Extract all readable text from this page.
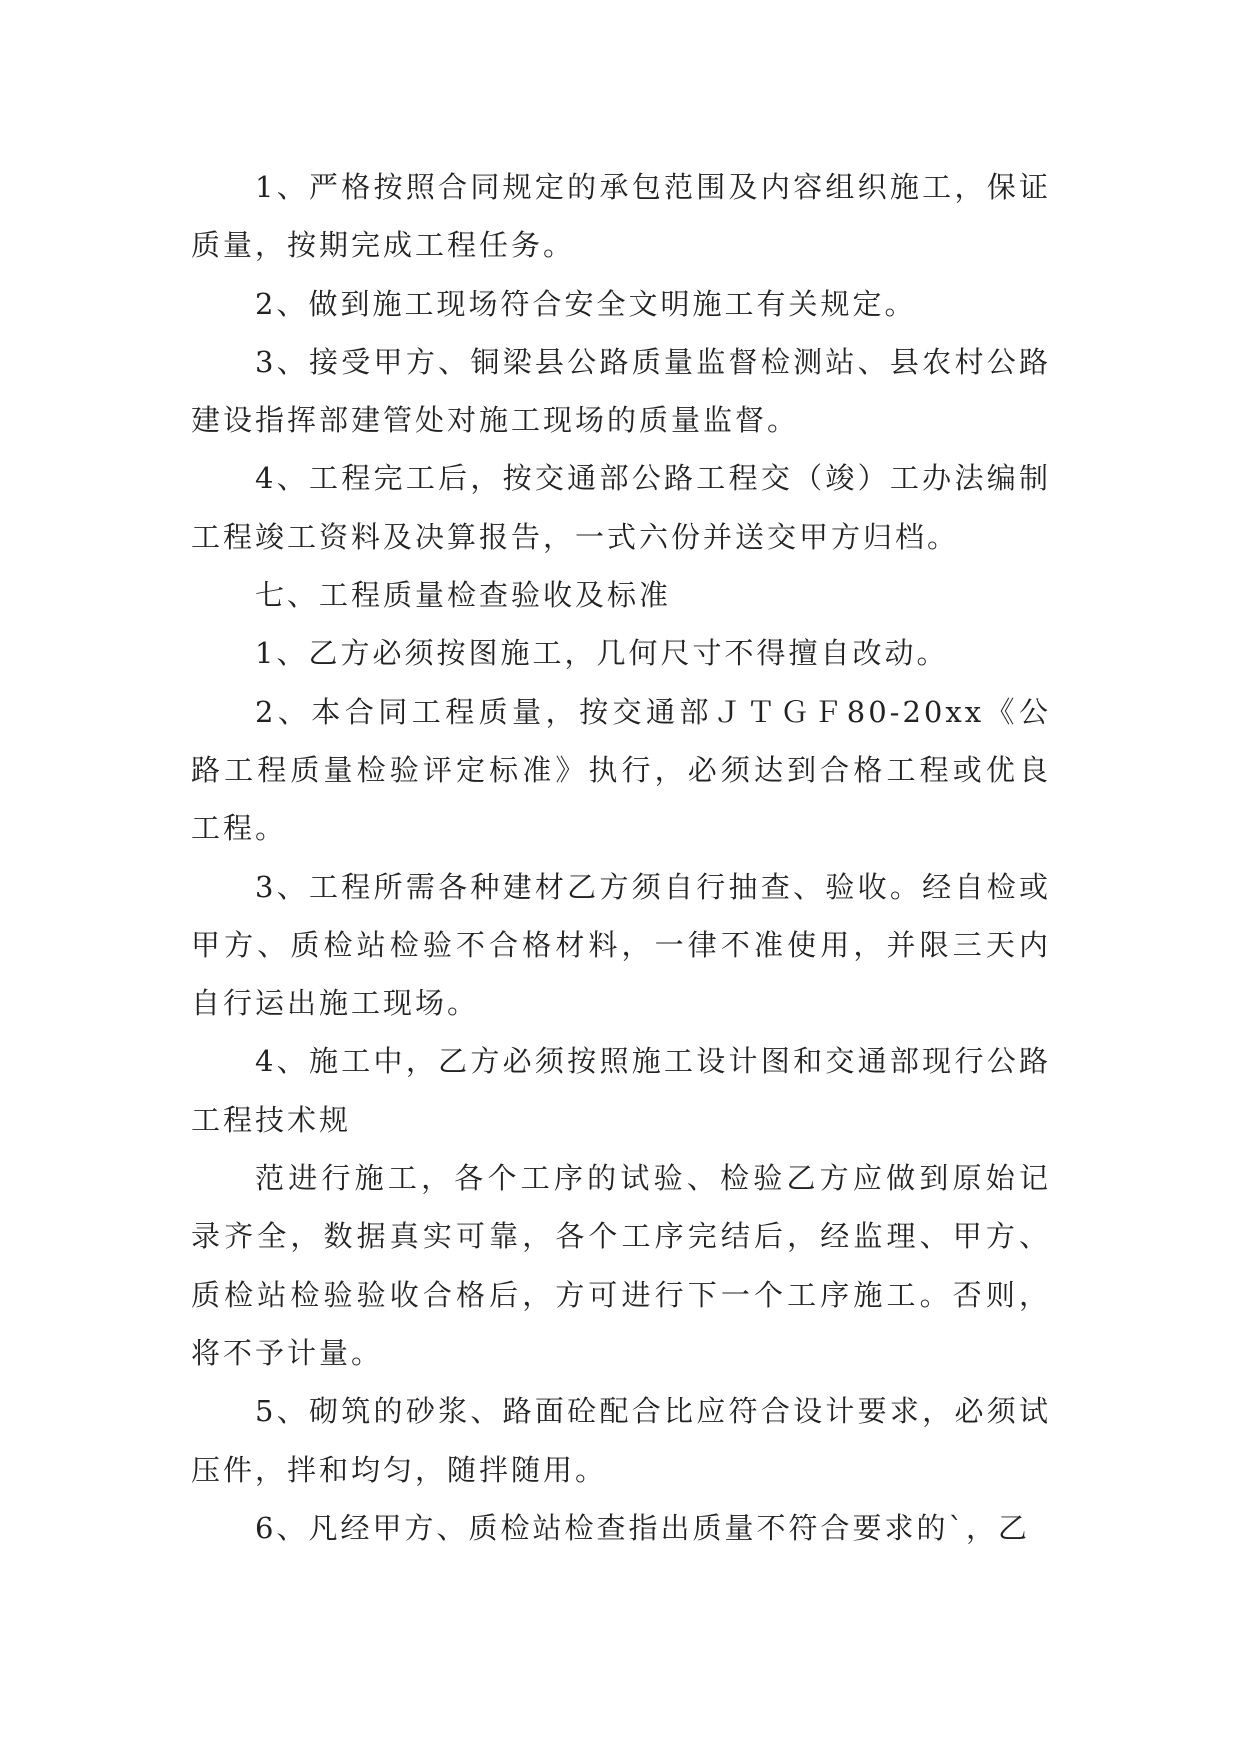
1、严格按照合同规定的承包范围及内容组织施工，保证质量，按期完成工程任务。

2、做到施工现场符合安全文明施工有关规定。

3、接受甲方、铜梁县公路质量监督检测站、县农村公路建设指挥部建管处对施工现场的质量监督。

4、工程完工后，按交通部公路工程交（竣）工办法编制工程竣工资料及决算报告，一式六份并送交甲方归档。

七、工程质量检查验收及标准

1、乙方必须按图施工，几何尺寸不得擅自改动。

2、本合同工程质量，按交通部ＪＴＧＦ80-20xx《公路工程质量检验评定标准》执行，必须达到合格工程或优良工程。

3、工程所需各种建材乙方须自行抽查、验收。经自检或甲方、质检站检验不合格材料，一律不准使用，并限三天内自行运出施工现场。

4、施工中，乙方必须按照施工设计图和交通部现行公路工程技术规

范进行施工，各个工序的试验、检验乙方应做到原始记录齐全，数据真实可靠，各个工序完结后，经监理、甲方、质检站检验验收合格后，方可进行下一个工序施工。否则，将不予计量。

5、砌筑的砂浆、路面砼配合比应符合设计要求，必须试压件，拌和均匀，随拌随用。

6、凡经甲方、质检站检查指出质量不符合要求的`，乙
